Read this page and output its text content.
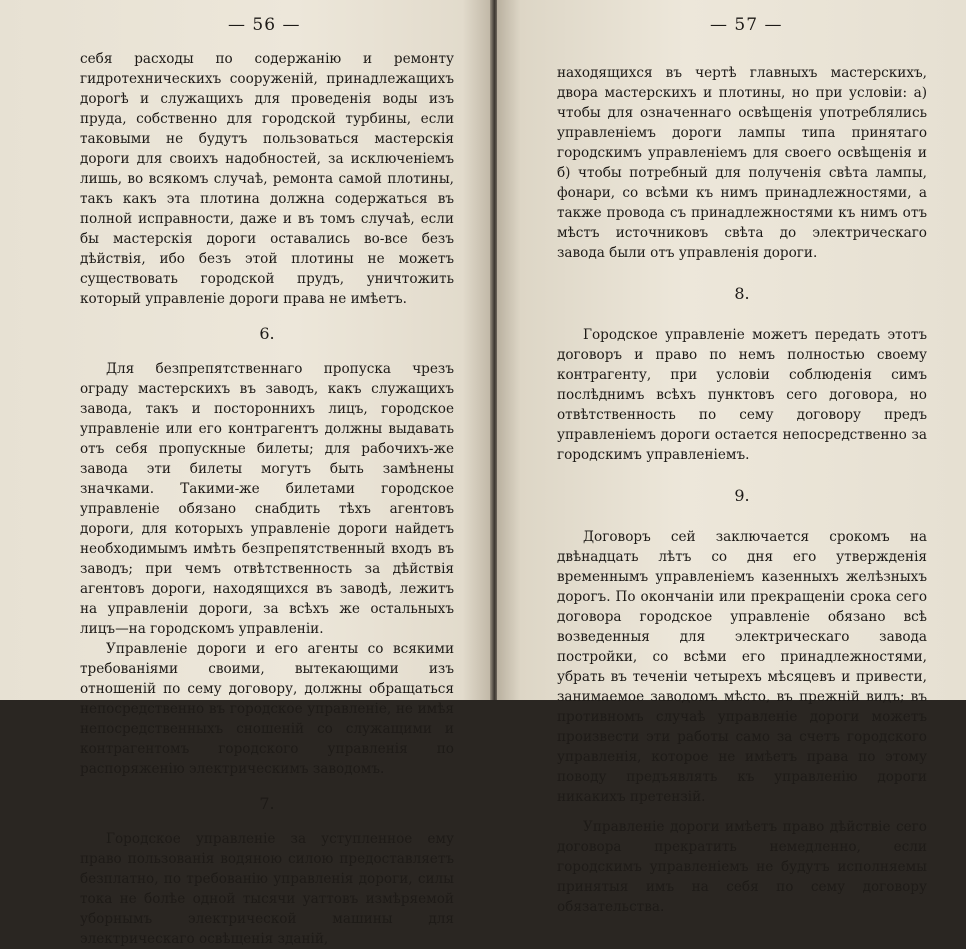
— 56 —

себя расходы по содержанію и ремонту гидротехническихъ сооруженій, принадлежащихъ дорогѣ и служащихъ для проведенія воды изъ пруда, собственно для городской турбины, если таковыми не будутъ пользоваться мастерскія дороги для своихъ надобностей, за исключеніемъ лишь, во всякомъ случаѣ, ремонта самой плотины, такъ какъ эта плотина должна содержаться въ полной исправности, даже и въ томъ случаѣ, если бы мастерскія дороги оставались во-все безъ дѣйствія, ибо безъ этой плотины не можетъ существовать городской прудъ, уничтожить который управленіе дороги права не имѣетъ.

6.

Для безпрепятственнаго пропуска чрезъ ограду мастерскихъ въ заводъ, какъ служащихъ завода, такъ и постороннихъ лицъ, городское управленіе или его контрагентъ должны выдавать отъ себя пропускные билеты; для рабочихъ-же завода эти билеты могутъ быть замѣнены значками. Такими-же билетами городское управленіе обязано снабдить тѣхъ агентовъ дороги, для которыхъ управленіе дороги найдетъ необходимымъ имѣть безпрепятственный входъ въ заводъ; при чемъ отвѣтственность за дѣйствія агентовъ дороги, находящихся въ заводѣ, лежитъ на управленіи дороги, за всѣхъ же остальныхъ лицъ—на городскомъ управленіи.

Управленіе дороги и его агенты со всякими требованіями своими, вытекающими изъ отношеній по сему договору, должны обращаться непосредственно въ городское управленіе, не имѣя непосредственныхъ сношеній со служащими и контрагентомъ городского управленія по распоряженію электрическимъ заводомъ.

7.

Городское управленіе за уступленное ему право пользованія водяною силою предоставляетъ безплатно, по требованію управленія дороги, силы тока не болѣе одной тысячи уаттовъ измѣряемой уборнымъ электрической машины для электрическаго освѣщенія зданій,

— 57 —

находящихся въ чертѣ главныхъ мастерскихъ, двора мастерскихъ и плотины, но при условіи: а) чтобы для означеннаго освѣщенія употреблялись управленіемъ дороги лампы типа принятаго городскимъ управленіемъ для своего освѣщенія и б) чтобы потребный для полученія свѣта лампы, фонари, со всѣми къ нимъ принадлежностями, а также провода съ принадлежностями къ нимъ отъ мѣстъ источниковъ свѣта до электрическаго завода были отъ управленія дороги.

8.

Городское управленіе можетъ передать этотъ договоръ и право по немъ полностью своему контрагенту, при условіи соблюденія симъ послѣднимъ всѣхъ пунктовъ сего договора, но отвѣтственность по сему договору предъ управленіемъ дороги остается непосредственно за городскимъ управленіемъ.

9.

Договоръ сей заключается срокомъ на двѣнадцать лѣтъ со дня его утвержденія временнымъ управленіемъ казенныхъ желѣзныхъ дорогъ. По окончаніи или прекращеніи срока сего договора городское управленіе обязано всѣ возведенныя для электрическаго завода постройки, со всѣми его принадлежностями, убрать въ теченіи четырехъ мѣсяцевъ и привести, занимаемое заводомъ мѣсто, въ прежній видъ; въ противномъ случаѣ управленіе дороги можетъ произвести эти работы само за счетъ городского управленія, которое не имѣетъ права по этому поводу предъявлять къ управленію дороги никакихъ претензій.

Управленіе дороги имѣетъ право дѣйствіе сего договора прекратить немедленно, если городскимъ управленіемъ не будутъ исполняемы принятыя имъ на себя по сему договору обязательства.
